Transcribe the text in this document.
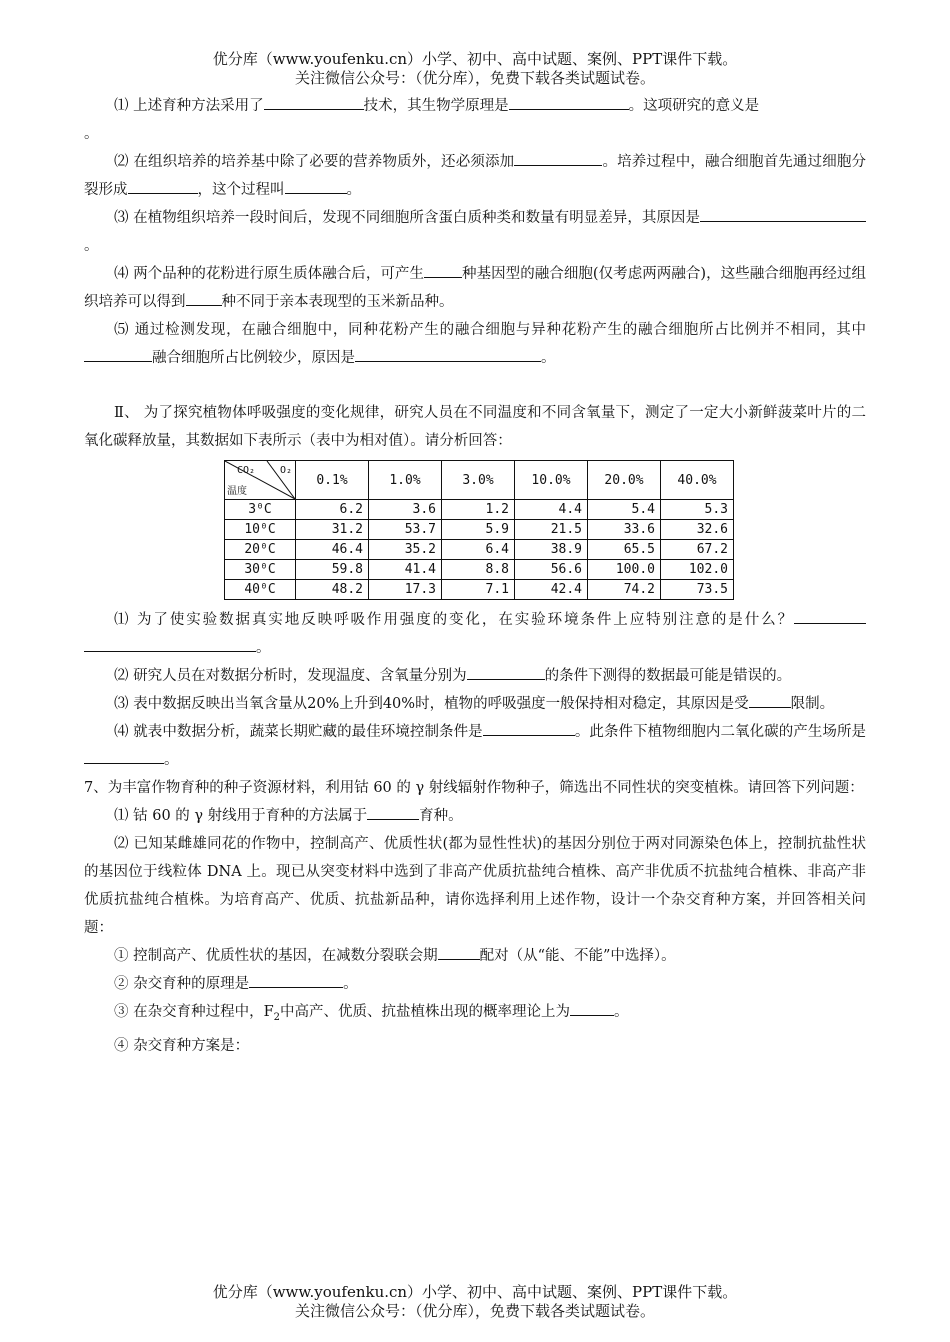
优分库（www.youfenku.cn）小学、初中、高中试题、案例、PPT课件下载。
关注微信公众号：（优分库），免费下载各类试题试卷。

⑴ 上述育种方法采用了	技术，其生物学原理是	。这项研究的意义是

。

⑵ 在组织培养的培养基中除了必要的营养物质外，还必须添加	。培养过程中，融合细胞首先通过细胞分裂形成	，这个过程叫	。

⑶ 在植物组织培养一段时间后，发现不同细胞所含蛋白质种类和数量有明显差异，其原因是。

⑷ 两个品种的花粉进行原生质体融合后，可产生	种基因型的融合细胞(仅考虑两两融合)，这些融合细胞再经过组织培养可以得到 种不同于亲本表现型的玉米新品种。

⑸ 通过检测发现，在融合细胞中，同种花粉产生的融合细胞与异种花粉产生的融合细胞所占比例并不相同，其中融合细胞所占比例较少，原因是	。

Ⅱ、 为了探究植物体呼吸强度的变化规律，研究人员在不同温度和不同含氧量下，测定了一定大小新鲜菠菜叶片的二氧化碳释放量，其数据如下表所示（表中为相对值）。请分析回答：

CO₂ O₂
温度	0.1%	1.0%	3.0%	10.0%	20.0%	40.0%
3⁰C	6.2	3.6	1.2	4.4	5.4	5.3
10⁰C	31.2	53.7	5.9	21.5	33.6	32.6
20⁰C	46.4	35.2	6.4	38.9	65.5	67.2
30⁰C	59.8	41.4	8.8	56.6	100.0	102.0
40⁰C	48.2	17.3	7.1	42.4	74.2	73.5

⑴ 为了使实验数据真实地反映呼吸作用强度的变化，在实验环境条件上应特别注意的是什么？。

⑵ 研究人员在对数据分析时，发现温度、含氧量分别为	的条件下测得的数据最可能是错误的。

⑶ 表中数据反映出当氧含量从20%上升到40%时，植物的呼吸强度一般保持相对稳定，其原因是受	限制。

⑷ 就表中数据分析，蔬菜长期贮藏的最佳环境控制条件是	。此条件下植物细胞内二氧化碳的产生场所是。

7、为丰富作物育种的种子资源材料，利用钴 60 的 γ 射线辐射作物种子，筛选出不同性状的突变植株。请回答下列问题：

⑴ 钴 60 的 γ 射线用于育种的方法属于	育种。

⑵ 已知某雌雄同花的作物中，控制高产、优质性状(都为显性性状)的基因分别位于两对同源染色体上，控制抗盐性状的基因位于线粒体 DNA 上。现已从突变材料中选到了非高产优质抗盐纯合植株、高产非优质不抗盐纯合植株、非高产非优质抗盐纯合植株。为培育高产、优质、抗盐新品种，请你选择利用上述作物，设计一个杂交育种方案，并回答相关问题：

① 控制高产、优质性状的基因，在减数分裂联会期	配对（从“能、不能”中选择）。

② 杂交育种的原理是	。

③ 在杂交育种过程中，$F_2$中高产、优质、抗盐植株出现的概率理论上为	。

④ 杂交育种方案是：

优分库（www.youfenku.cn）小学、初中、高中试题、案例、PPT课件下载。
关注微信公众号：（优分库），免费下载各类试题试卷。
